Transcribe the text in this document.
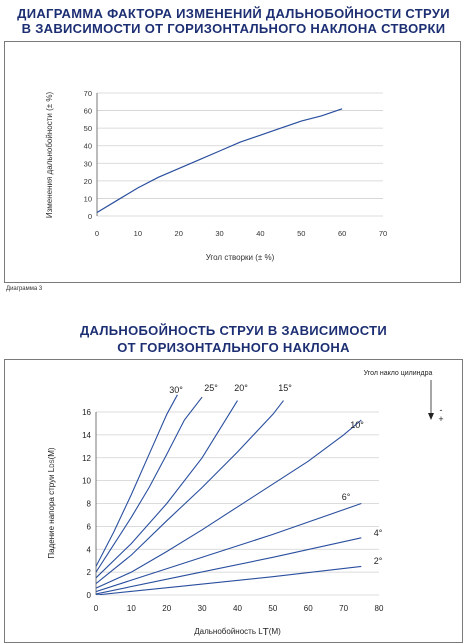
ДИАГРАММА ФАКТОРА ИЗМЕНЕНИЙ ДАЛЬНОБОЙНОСТИ СТРУИ
В ЗАВИСИМОСТИ ОТ ГОРИЗОНТАЛЬНОГО НАКЛОНА СТВОРКИ
0
10
20
30
40
50
60
70
0	10	20	30	40	50	60	70
Угол створки (± %)
Изменения дальнобойности (± %)
Диаграмма 3
ДАЛЬНОБОЙНОСТЬ СТРУИ В ЗАВИСИМОСТИ
ОТ ГОРИЗОНТАЛЬНОГО НАКЛОНА
0
2
4
6
8
10
12
14
16
0	10	20	30	40	50	60	70	80
Дальнобойность LT(M)
Падение напора струи LDS(M)
30° 25° 20°	15°
10°
6°
4°
2°
Угол накло цилиндра
-
+
